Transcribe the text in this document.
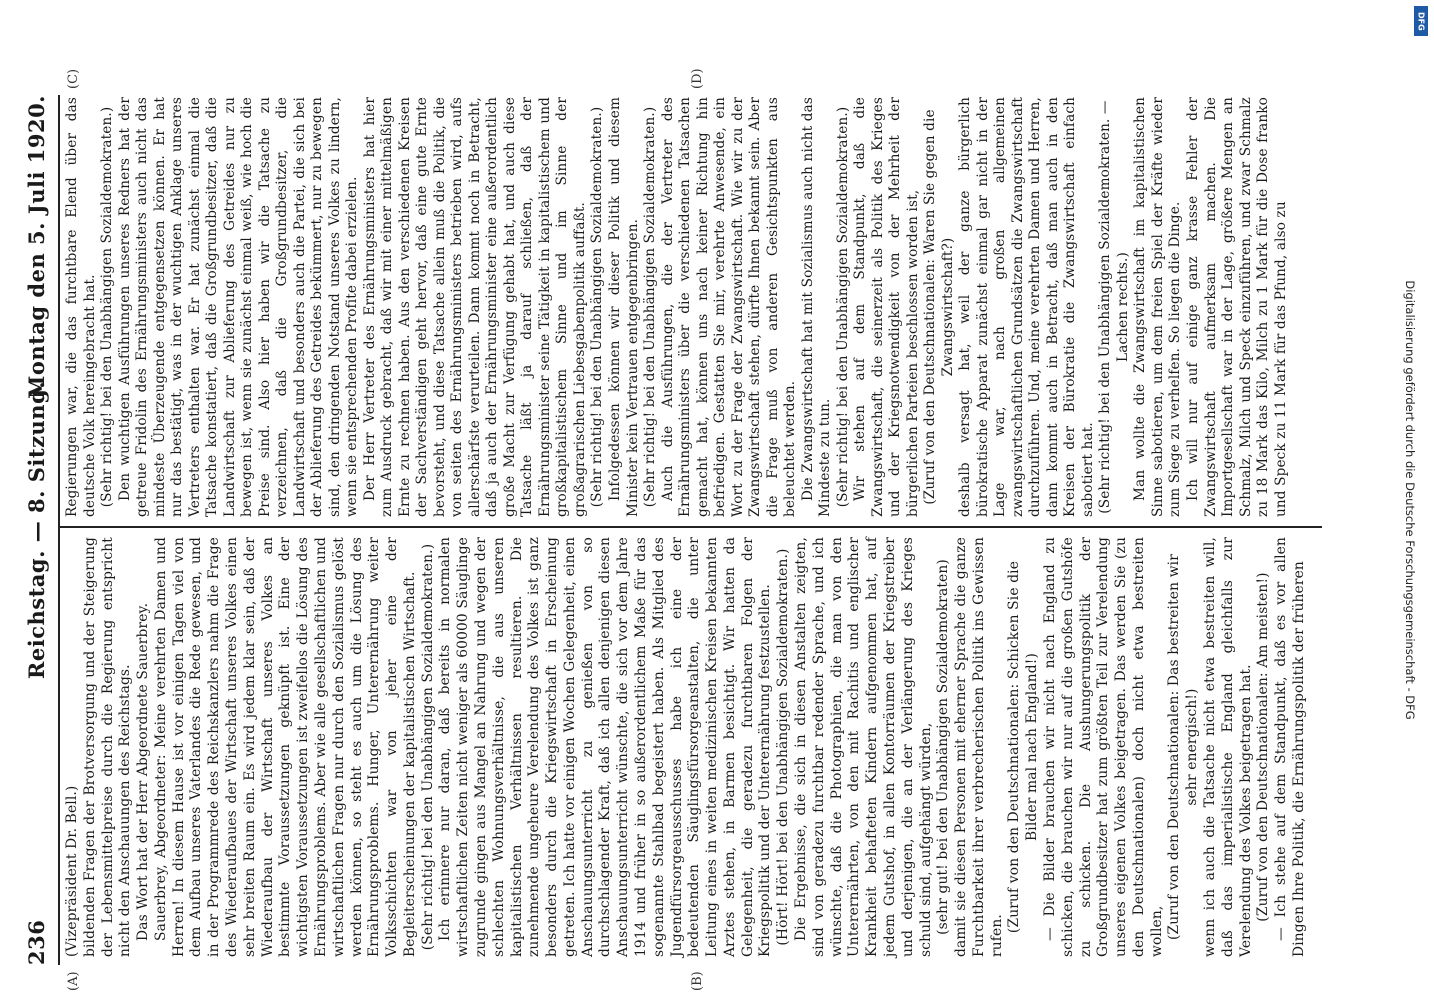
236
Reichstag. — 8. Sitzung.
Montag den 5. Juli 1920.
(A)	(B)
(C)	(D)

(Vizepräsident Dr. Bell.) bildenden Fragen der Brotversorgung und der Steigerung der Lebensmittelpreise durch die Regierung entspricht nicht den Anschauungen des Reichstags. Das Wort hat der Herr Abgeordnete Sauerbrey. Sauerbrey, Abgeordneter: Meine verehrten Damen und Herren! In diesem Hause ist vor einigen Tagen viel von dem Aufbau unseres Vaterlandes die Rede gewesen, und in der Programmrede des Reichskanzlers nahm die Frage des Wiederaufbaues der Wirtschaft unseres Volkes einen sehr breiten Raum ein. Es wird jedem klar sein, daß der Wiederaufbau der Wirtschaft unseres Volkes an bestimmte Voraussetzungen geknüpft ist. Eine der wichtigsten Voraussetzungen ist zweifellos die Lösung des Ernährungsproblems. Aber wie alle gesellschaftlichen und wirtschaftlichen Fragen nur durch den Sozialismus gelöst werden können, so steht es auch um die Lösung des Ernährungsproblems. Hunger, Unterernährung weiter Volksschichten war von jeher eine der Begleiterscheinungen der kapitalistischen Wirtschaft. (Sehr richtig! bei den Unabhängigen Sozialdemokraten.) Ich erinnere nur daran, daß bereits in normalen wirtschaftlichen Zeiten nicht weniger als 60000 Säuglinge zugrunde gingen aus Mangel an Nahrung und wegen der schlechten Wohnungsverhältnisse, die aus unseren kapitalistischen Verhältnissen resultieren. Die zunehmende ungeheure Verelendung des Volkes ist ganz besonders durch die Kriegswirtschaft in Erscheinung getreten. Ich hatte vor einigen Wochen Gelegenheit, einen Anschauungsunterricht zu genießen von so durchschlagender Kraft, daß ich allen denjenigen diesen Anschauungsunterricht wünschte, die sich vor dem Jahre 1914 und früher in so außerordentlichem Maße für das sogenannte Stahlbad begeistert haben. Als Mitglied des Jugendfürsorgeausschusses habe ich eine der bedeutenden Säuglingsfürsorgeanstalten, die unter Leitung eines in weiten medizinischen Kreisen bekannten Arztes stehen, in Barmen besichtigt. Wir hatten da Gelegenheit, die geradezu furchtbaren Folgen der Kriegspolitik und der Unterernährung festzustellen. (Hört! Hört! bei den Unabhängigen Sozialdemokraten.) Die Ergebnisse, die sich in diesen Anstalten zeigten, sind von geradezu furchtbar redender Sprache, und ich wünschte, daß die Photographien, die man von den Unterernährten, von den mit Rachitis und englischer Krankheit behafteten Kindern aufgenommen hat, auf jedem Gutshof, in allen Kontorräumen der Kriegstreiber und derjenigen, die an der Verlängerung des Krieges schuld sind, aufgehängt würden, (sehr gut! bei den Unabhängigen Sozialdemokraten) damit sie diesen Personen mit eherner Sprache die ganze Furchtbarkeit ihrer verbrecherischen Politik ins Gewissen rufen.

(Zuruf von den Deutschnationalen: Schicken Sie die Bilder mal nach England!) — Die Bilder brauchen wir nicht nach England zu schicken, die brauchen wir nur auf die großen Gutshöfe zu schicken. Die Aushungerungspolitik der Großgrundbesitzer hat zum größten Teil zur Verelendung unseres eigenen Volkes beigetragen. Das werden Sie (zu den Deutschnationalen) doch nicht etwa bestreiten wollen, (Zuruf von den Deutschnationalen: Das bestreiten wir sehr energisch!) wenn ich auch die Tatsache nicht etwa bestreiten will, daß das imperialistische England gleichfalls zur Verelendung des Volkes beigetragen hat. (Zuruf von den Deutschnationalen: Am meisten!) — Ich stehe auf dem Standpunkt, daß es vor allen Dingen Ihre Politik, die Ernährungspolitik der früheren

Regierungen war, die das furchtbare Elend über das deutsche Volk hereingebracht hat. (Sehr richtig! bei den Unabhängigen Sozialdemokraten.) Den wuchtigen Ausführungen unseres Redners hat der getreue Fridolin des Ernährungsministers auch nicht das mindeste Überzeugende entgegensetzen können. Er hat nur das bestätigt, was in der wuchtigen Anklage unseres Vertreters enthalten war. Er hat zunächst einmal die Tatsache konstatiert, daß die Großgrundbesitzer, daß die Landwirtschaft zur Ablieferung des Getreides nur zu bewegen ist, wenn sie zunächst einmal weiß, wie hoch die Preise sind. Also hier haben wir die Tatsache zu verzeichnen, daß die Großgrundbesitzer, die Landwirtschaft und besonders auch die Partei, die sich bei der Ablieferung des Getreides bekümmert, nur zu bewegen sind, den dringenden Notstand unseres Volkes zu lindern, wenn sie entsprechenden Profite dabei erzielen. Der Herr Vertreter des Ernährungsministers hat hier zum Ausdruck gebracht, daß wir mit einer mittelmäßigen Ernte zu rechnen haben. Aus den verschiedenen Kreisen der Sachverständigen geht hervor, daß eine gute Ernte bevorsteht, und diese Tatsache allein muß die Politik, die von seiten des Ernährungsministers betrieben wird, aufs allerschärfste verurteilen. Dann kommt noch in Betracht, daß ja auch der Ernährungsminister eine außerordentlich große Macht zur Verfügung gehabt hat, und auch diese Tatsache läßt ja darauf schließen, daß der Ernährungsminister seine Tätigkeit in kapitalistischem und großkapitalistischem Sinne und im Sinne der großagrarischen Liebesgabenpolitik auffaßt. (Sehr richtig! bei den Unabhängigen Sozialdemokraten.) Infolgedessen können wir dieser Politik und diesem Minister kein Vertrauen entgegenbringen. (Sehr richtig! bei den Unabhängigen Sozialdemokraten.) Auch die Ausführungen, die der Vertreter des Ernährungsministers über die verschiedenen Tatsachen gemacht hat, können uns nach keiner Richtung hin befriedigen. Gestatten Sie mir, verehrte Anwesende, ein Wort zu der Frage der Zwangswirtschaft. Wie wir zu der Zwangswirtschaft stehen, dürfte Ihnen bekannt sein. Aber die Frage muß von anderen Gesichtspunkten aus beleuchtet werden. Die Zwangswirtschaft hat mit Sozialismus auch nicht das Mindeste zu tun. (Sehr richtig! bei den Unabhängigen Sozialdemokraten.) Wir stehen auf dem Standpunkt, daß die Zwangswirtschaft, die seinerzeit als Politik des Krieges und der Kriegsnotwendigkeit von der Mehrheit der bürgerlichen Parteien beschlossen worden ist, (Zuruf von den Deutschnationalen: Waren Sie gegen die Zwangswirtschaft?) deshalb versagt hat, weil der ganze bürgerlich bürokratische Apparat zunächst einmal gar nicht in der Lage war, nach großen allgemeinen zwangswirtschaftlichen Grundsätzen die Zwangswirtschaft durchzuführen. Und, meine verehrten Damen und Herren, dann kommt auch in Betracht, daß man auch in den Kreisen der Bürokratie die Zwangswirtschaft einfach sabotiert hat. (Sehr richtig! bei den Unabhängigen Sozialdemokraten. — Lachen rechts.) Man wollte die Zwangswirtschaft im kapitalistischen Sinne sabotieren, um dem freien Spiel der Kräfte wieder zum Siege zu verhelfen. So liegen die Dinge. Ich will nur auf einige ganz krasse Fehler der Zwangswirtschaft aufmerksam machen. Die Importgesellschaft war in der Lage, größere Mengen an Schmalz, Milch und Speck einzuführen, und zwar Schmalz zu 18 Mark das Kilo, Milch zu 1 Mark für die Dose franko und Speck zu 11 Mark für das Pfund, also zu	Digitalisierung gefördert durch die Deutsche Forschungsgemeinschaft - DFG
DFG
